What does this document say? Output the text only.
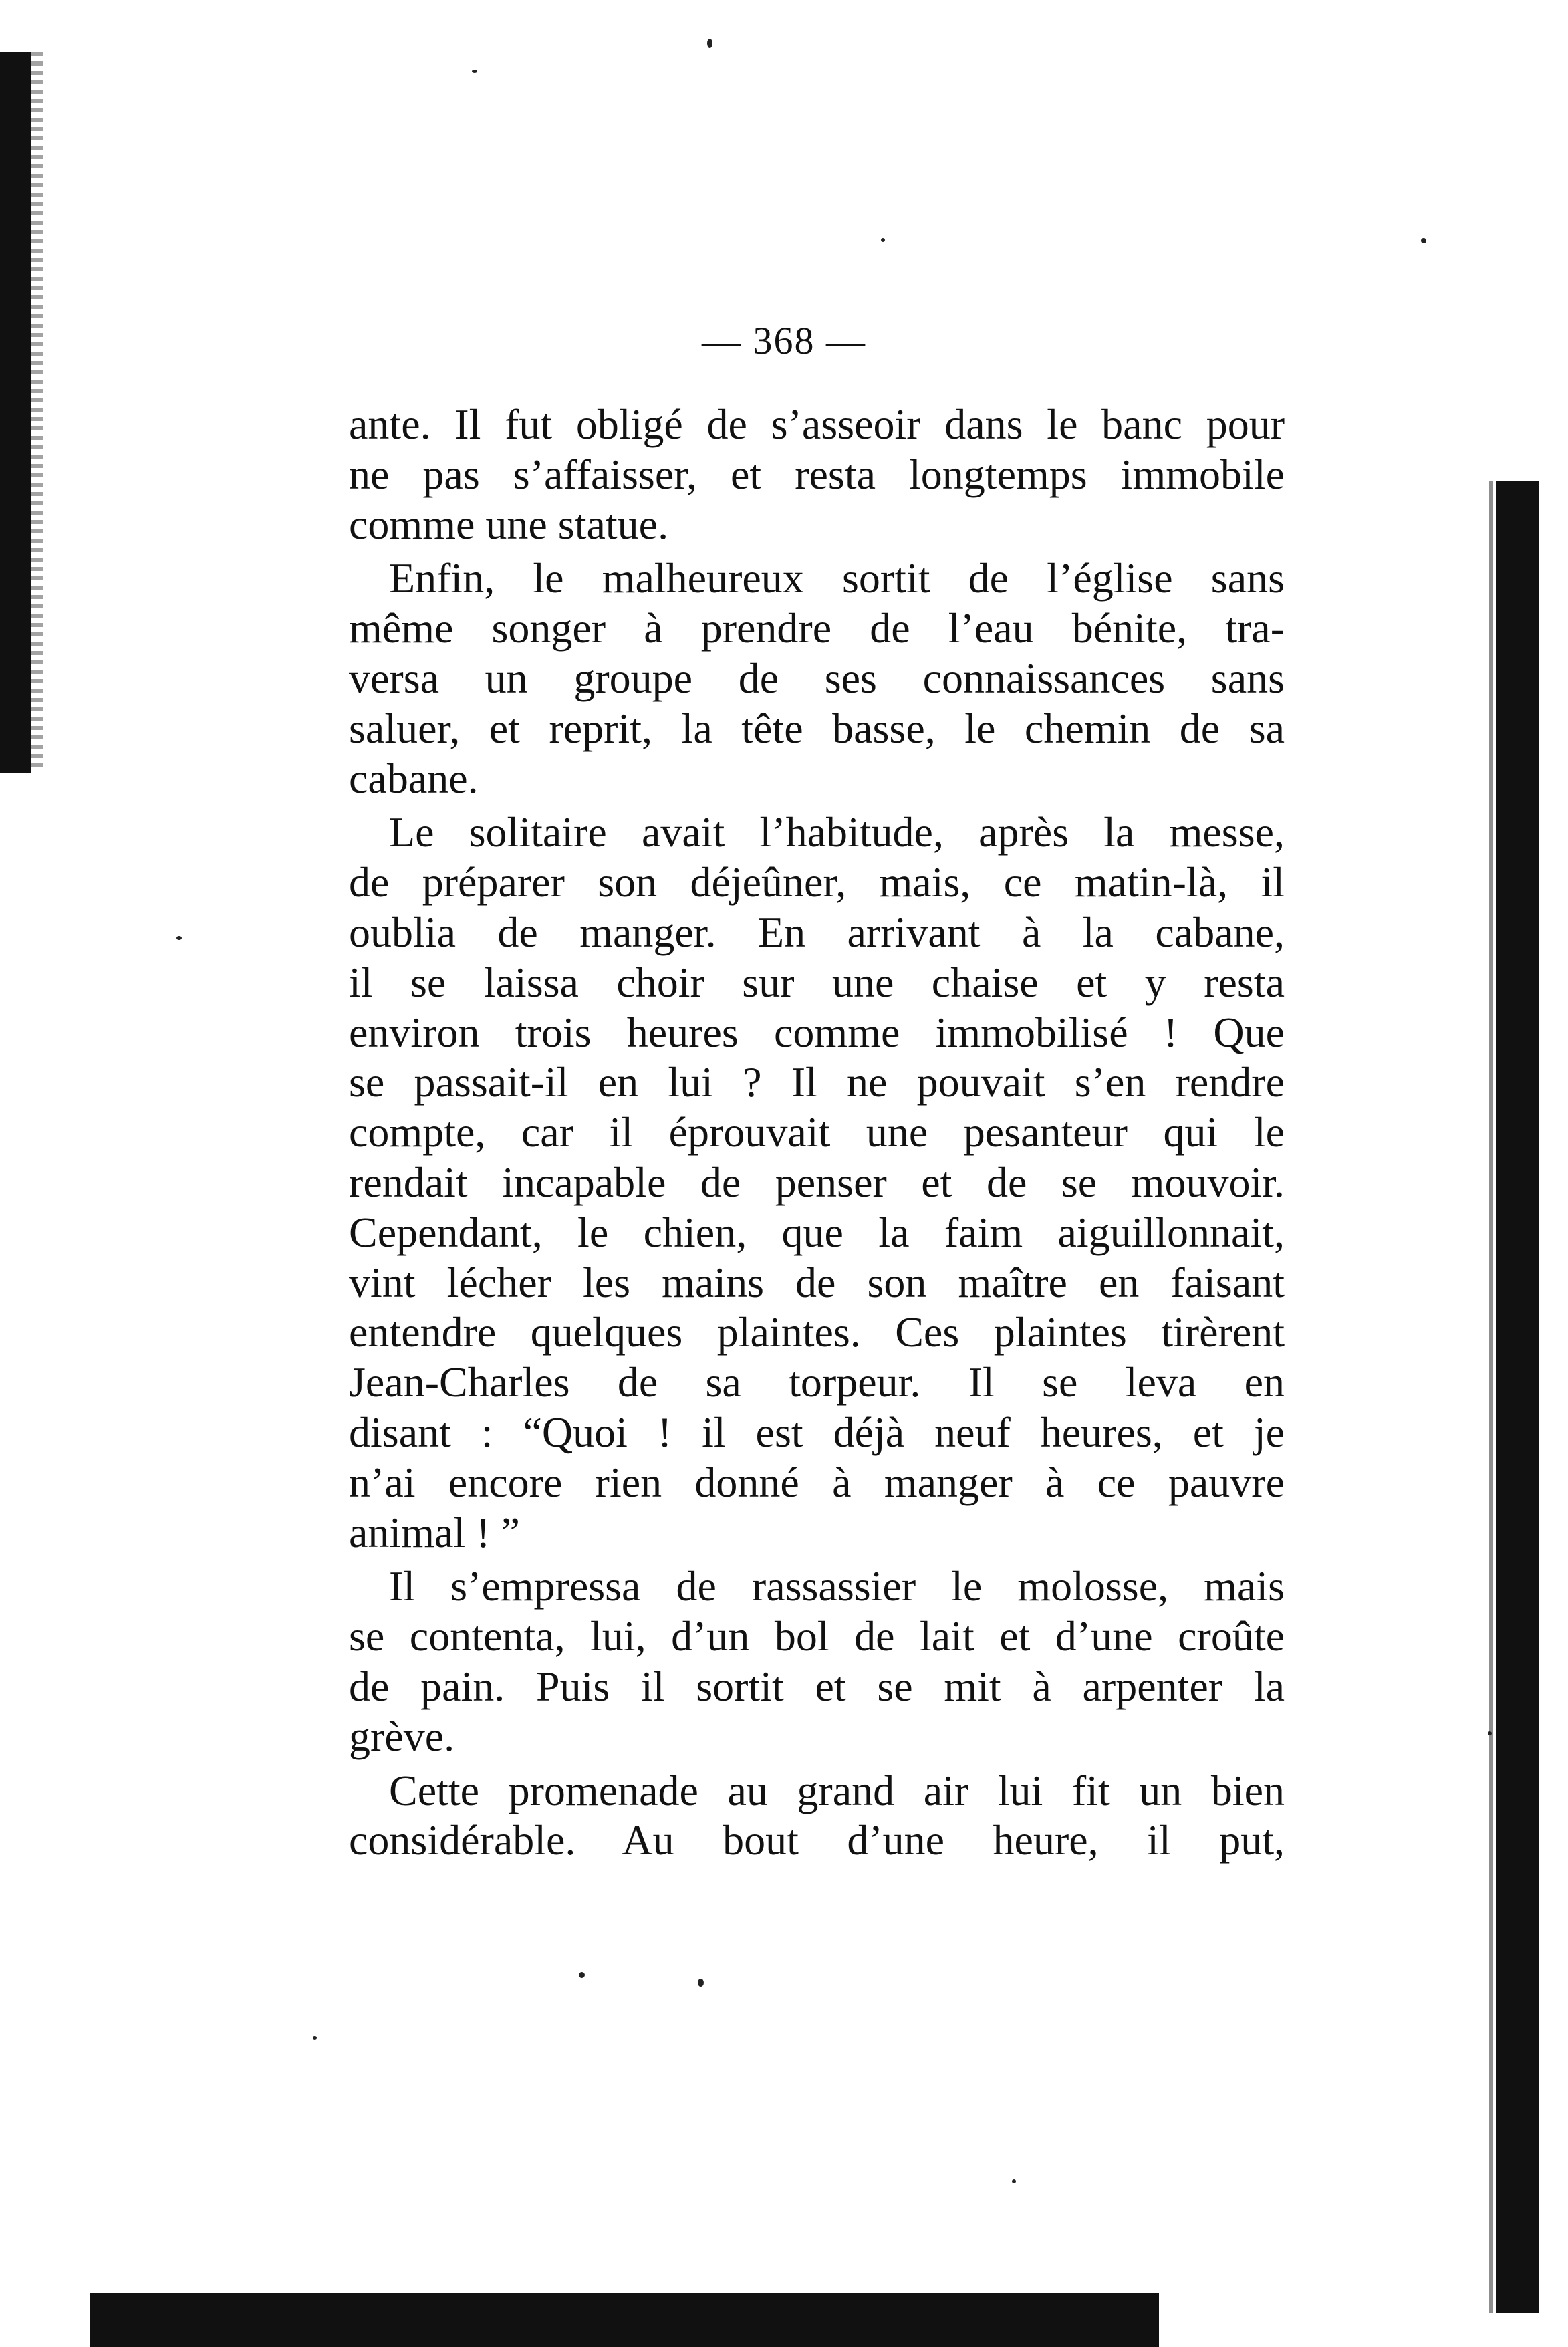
— 368 —
ante. Il fut obligé de s’asseoir dans le banc pour
ne pas s’affaisser, et resta longtemps immobile
comme une statue.
Enfin, le malheureux sortit de l’église sans
même songer à prendre de l’eau bénite, tra-
versa un groupe de ses connaissances sans
saluer, et reprit, la tête basse, le chemin de sa
cabane.
Le solitaire avait l’habitude, après la messe,
de préparer son déjeûner, mais, ce matin-là, il
oublia de manger. En arrivant à la cabane,
il se laissa choir sur une chaise et y resta
environ trois heures comme immobilisé ! Que
se passait-il en lui ? Il ne pouvait s’en rendre
compte, car il éprouvait une pesanteur qui le
rendait incapable de penser et de se mouvoir.
Cependant, le chien, que la faim aiguillonnait,
vint lécher les mains de son maître en faisant
entendre quelques plaintes. Ces plaintes tirèrent
Jean-Charles de sa torpeur. Il se leva en
disant : “Quoi ! il est déjà neuf heures, et je
n’ai encore rien donné à manger à ce pauvre
animal ! ”
Il s’empressa de rassassier le molosse, mais
se contenta, lui, d’un bol de lait et d’une croûte
de pain. Puis il sortit et se mit à arpenter la
grève.
Cette promenade au grand air lui fit un bien
considérable. Au bout d’une heure, il put,
